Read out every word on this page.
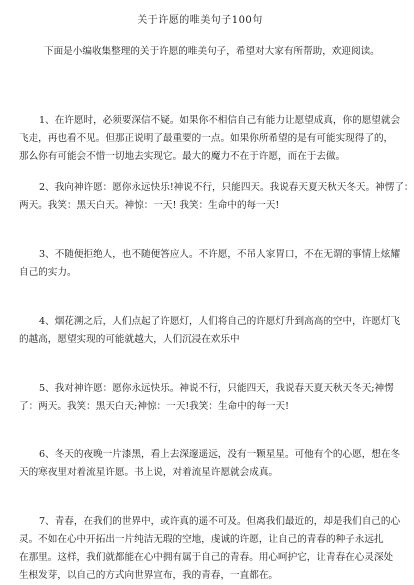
关于许愿的唯美句子100句
下面是小编收集整理的关于许愿的唯美句子，希望对大家有所帮助，欢迎阅读。
1、在许愿时，必须要深信不疑。如果你不相信自己有能力让愿望成真，你的愿望就会
飞走，再也看不见。但那正说明了最重要的一点。如果你所希望的是有可能实现得了的，
那么你有可能会不惜一切地去实现它。最大的魔力不在于许愿，而在于去做。
2、我向神许愿：愿你永远快乐!神说不行，只能四天。我说春天夏天秋天冬天。神愣了：
两天。我笑：黑天白天。神惊：一天! 我笑：生命中的每一天!
3、不随便拒绝人，也不随便答应人。不许愿，不吊人家胃口，不在无谓的事情上炫耀
自己的实力。
4、烟花溯之后，人们点起了许愿灯，人们将自己的许愿灯升到高高的空中，许愿灯飞
的越高，愿望实现的可能就越大，人们沉浸在欢乐中
5、我对神许愿：愿你永远快乐。神说不行，只能四天，我说春天夏天秋天冬天;神愣
了：两天。我笑：黑天白天;神惊：一天!我笑：生命中的每一天!
6、冬天的夜晚一片漆黑，看上去深邃遥远，没有一颗星星。可他有个的心愿，想在冬
天的寒夜里对着流星许愿。书上说，对着流星许愿就会成真。
7、青春，在我们的世界中，或许真的遥不可及。但离我们最近的，却是我们自己的心
灵。不如在心中开拓出一片纯洁无瑕的空地，虔诚的许愿，让自己的青春的种子永远扎
在那里。这样，我们就都能在心中拥有属于自己的青春。用心呵护它，让青春在心灵深处
生根发芽，以自己的方式向世界宣布，我的青春，一直都在。
